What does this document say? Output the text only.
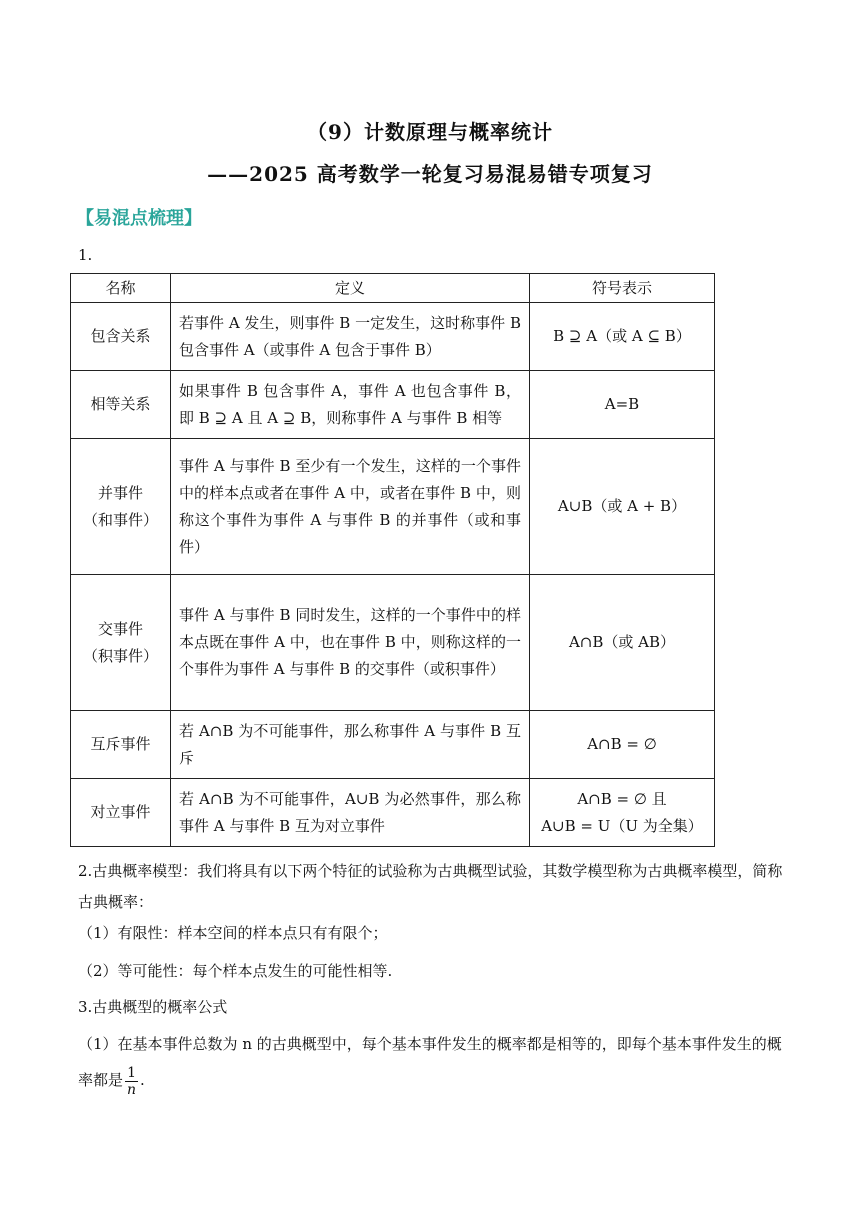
（9）计数原理与概率统计
——2025 高考数学一轮复习易混易错专项复习
【易混点梳理】
1.
名称	定义	符号表示
包含关系	若事件 A 发生，则事件 B 一定发生，这时称事件 B 包含事件 A（或事件 A 包含于事件 B）	B ⊇ A（或 A ⊆ B）
相等关系	如果事件 B 包含事件 A，事件 A 也包含事件 B，即 B ⊇ A 且 A ⊇ B，则称事件 A 与事件 B 相等	A=B

并事件
（和事件）	事件 A 与事件 B 至少有一个发生，这样的一个事件中的样本点或者在事件 A 中，或者在事件 B 中，则称这个事件为事件 A 与事件 B 的并事件（或和事件）	A∪B（或 A + B）

交事件
（积事件）	事件 A 与事件 B 同时发生，这样的一个事件中的样本点既在事件 A 中，也在事件 B 中，则称这样的一个事件为事件 A 与事件 B 的交事件（或积事件）	A∩B（或 AB）
互斥事件	若 A∩B 为不可能事件，那么称事件 A 与事件 B 互斥	A∩B = ∅
对立事件	若 A∩B 为不可能事件，A∪B 为必然事件，那么称事件 A 与事件 B 互为对立事件	A∩B = ∅ 且
A∪B = U（U 为全集）
2.古典概率模型：我们将具有以下两个特征的试验称为古典概型试验，其数学模型称为古典概率模型，简称古典概率：
（1）有限性：样本空间的样本点只有有限个；
（2）等可能性：每个样本点发生的可能性相等.
3.古典概型的概率公式
（1）在基本事件总数为 n 的古典概型中，每个基本事件发生的概率都是相等的，即每个基本事件发生的概率都是 $\frac{1}{n}$ .
